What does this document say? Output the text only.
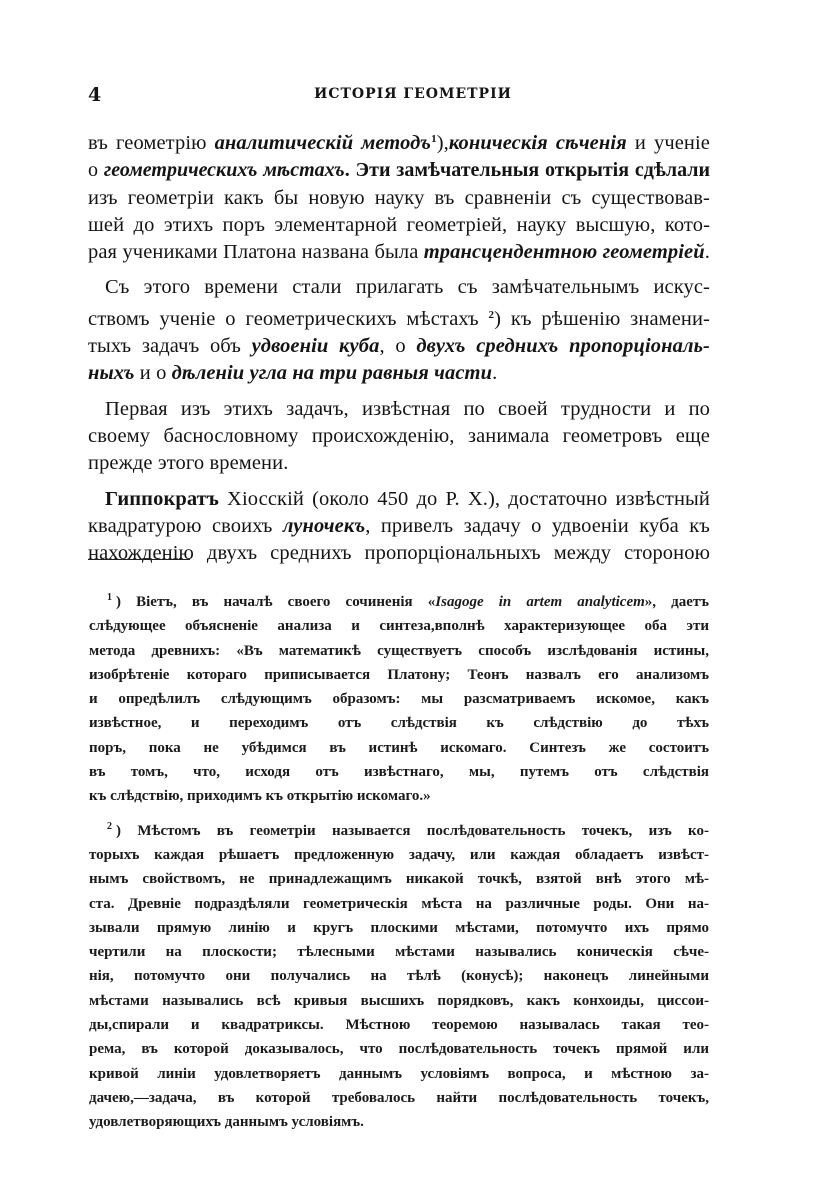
4	ИСТОРІЯ ГЕОМЕТРІИ
въ геометрію аналитическій методъ$^1$),коническія сѣченія и ученіе
о геометрическихъ мѣстахъ. Эти замѣчательныя открытія сдѣлали
изъ геометріи какъ бы новую науку въ сравненіи съ существовав-
шей до этихъ поръ элементарной геометріей, науку высшую, кото-
рая учениками Платона названа была трансцендентною геометріей.
Съ этого времени стали прилагать съ замѣчательнымъ искус-
ствомъ ученіе о геометрическихъ мѣстахъ $^2$) къ рѣшенію знамени-
тыхъ задачъ объ удвоеніи куба, о двухъ среднихъ пропорціональ-
ныхъ и о дѣленіи угла на три равныя части.
Первая изъ этихъ задачъ, извѣстная по своей трудности и по
своему баснословному происхожденію, занимала геометровъ еще
прежде этого времени.
Гиппократъ Хіосскій (около 450 до Р. Х.), достаточно извѣстный
квадратурою своихъ луночекъ, привелъ задачу о удвоеніи куба къ
нахожденію двухъ среднихъ пропорціональныхъ между стороною
$^1$ ) Віетъ, въ началѣ своего сочиненія «Isagoge in artem analyticem», даетъ
слѣдующее объясненіе анализа и синтеза,вполнѣ характеризующее оба эти
метода древнихъ: «Въ математикѣ существуетъ способъ изслѣдованія истины,
изобрѣтеніе котораго приписывается Платону; Теонъ назвалъ его анализомъ
и опредѣлилъ слѣдующимъ образомъ: мы разсматриваемъ искомое, какъ
извѣстное, и переходимъ отъ слѣдствія къ слѣдствію до тѣхъ
поръ, пока не убѣдимся въ истинѣ искомаго. Синтезъ же состоитъ
въ томъ, что, исходя отъ извѣстнаго, мы, путемъ отъ слѣдствія
къ слѣдствію, приходимъ къ открытію искомаго.»
$^2$ ) Мѣстомъ въ геометріи называется послѣдовательность точекъ, изъ ко-
торыхъ каждая рѣшаетъ предложенную задачу, или каждая обладаетъ извѣст-
нымъ свойствомъ, не принадлежащимъ никакой точкѣ, взятой внѣ этого мѣ-
ста. Древніе подраздѣляли геометрическія мѣста на различные роды. Они на-
зывали прямую линію и кругъ плоскими мѣстами, потомучто ихъ прямо
чертили на плоскости; тѣлесными мѣстами назывались коническія сѣче-
нія, потомучто они получались на тѣлѣ (конусѣ); наконецъ линейными
мѣстами назывались всѣ кривыя высшихъ порядковъ, какъ конхоиды, циссои-
ды,спирали и квадратриксы. Мѣстною теоремою называлась такая тео-
рема, въ которой доказывалось, что послѣдовательность точекъ прямой или
кривой линіи удовлетворяетъ даннымъ условіямъ вопроса, и мѣстною за-
дачею,—задача, въ которой требовалось найти послѣдовательность точекъ,
удовлетворяющихъ даннымъ условіямъ.
